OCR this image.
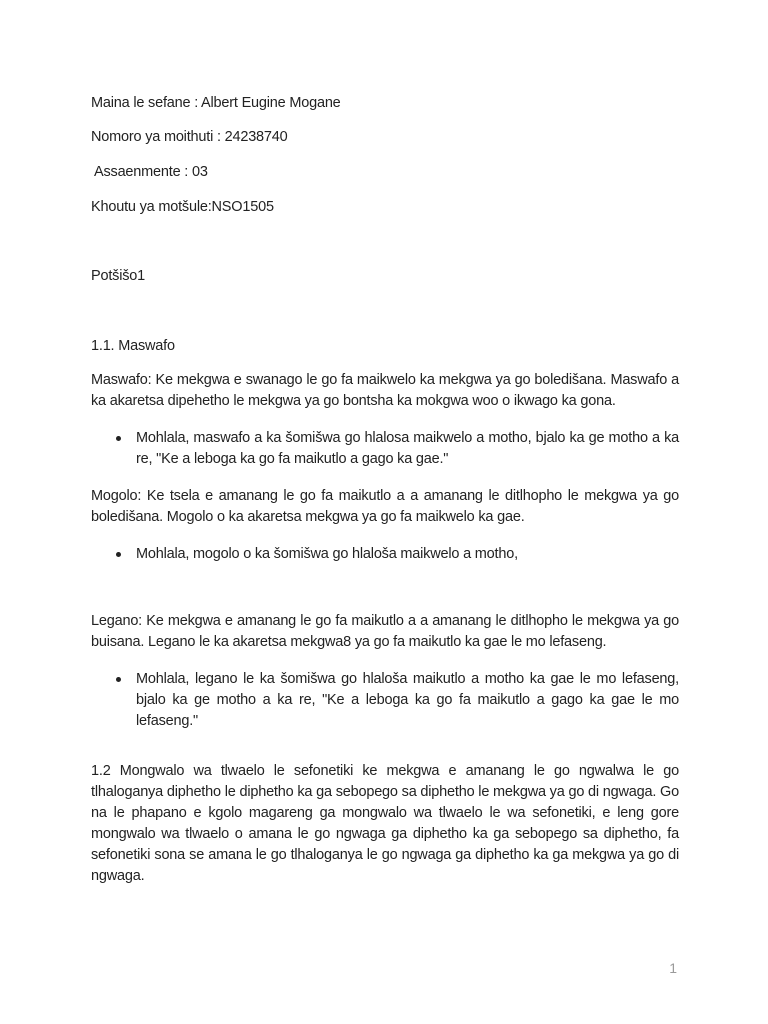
Maina le sefane : Albert Eugine Mogane
Nomoro ya moithuti : 24238740
Assaenmente : 03
Khoutu ya motšule:NSO1505
Potšišo1
1.1. Maswafo
Maswafo: Ke mekgwa e swanago le go fa maikwelo ka mekgwa ya go boledišana. Maswafo a ka akaretsa dipehetho le mekgwa ya go bontsha ka mokgwa woo o ikwago ka gona.
Mohlala, maswafo a ka šomišwa go hlalosa maikwelo a motho, bjalo ka ge motho a ka re, "Ke a leboga ka go fa maikutlo a gago ka gae."
Mogolo: Ke tsela e amanang le go fa maikutlo a a amanang le ditlhopho le mekgwa ya go boledišana. Mogolo o ka akaretsa mekgwa ya go fa maikwelo ka gae.
Mohlala, mogolo o ka šomišwa go hlaloša maikwelo a motho,
Legano: Ke mekgwa e amanang le go fa maikutlo a a amanang le ditlhopho le mekgwa ya go buisana. Legano le ka akaretsa mekgwa8 ya go fa maikutlo ka gae le mo lefaseng.
Mohlala, legano le ka šomišwa go hlaloša maikutlo a motho ka gae le mo lefaseng, bjalo ka ge motho a ka re, "Ke a leboga ka go fa maikutlo a gago ka gae le mo lefaseng."
1.2 Mongwalo wa tlwaelo le sefonetiki ke mekgwa e amanang le go ngwalwa le go tlhaloganya diphetho le diphetho ka ga sebopego sa diphetho le mekgwa ya go di ngwaga. Go na le phapano e kgolo magareng ga mongwalo wa tlwaelo le wa sefonetiki, e leng gore mongwalo wa tlwaelo o amana le go ngwaga ga diphetho ka ga sebopego sa diphetho, fa sefonetiki sona se amana le go tlhaloganya le go ngwaga ga diphetho ka ga mekgwa ya go di ngwaga.
1
